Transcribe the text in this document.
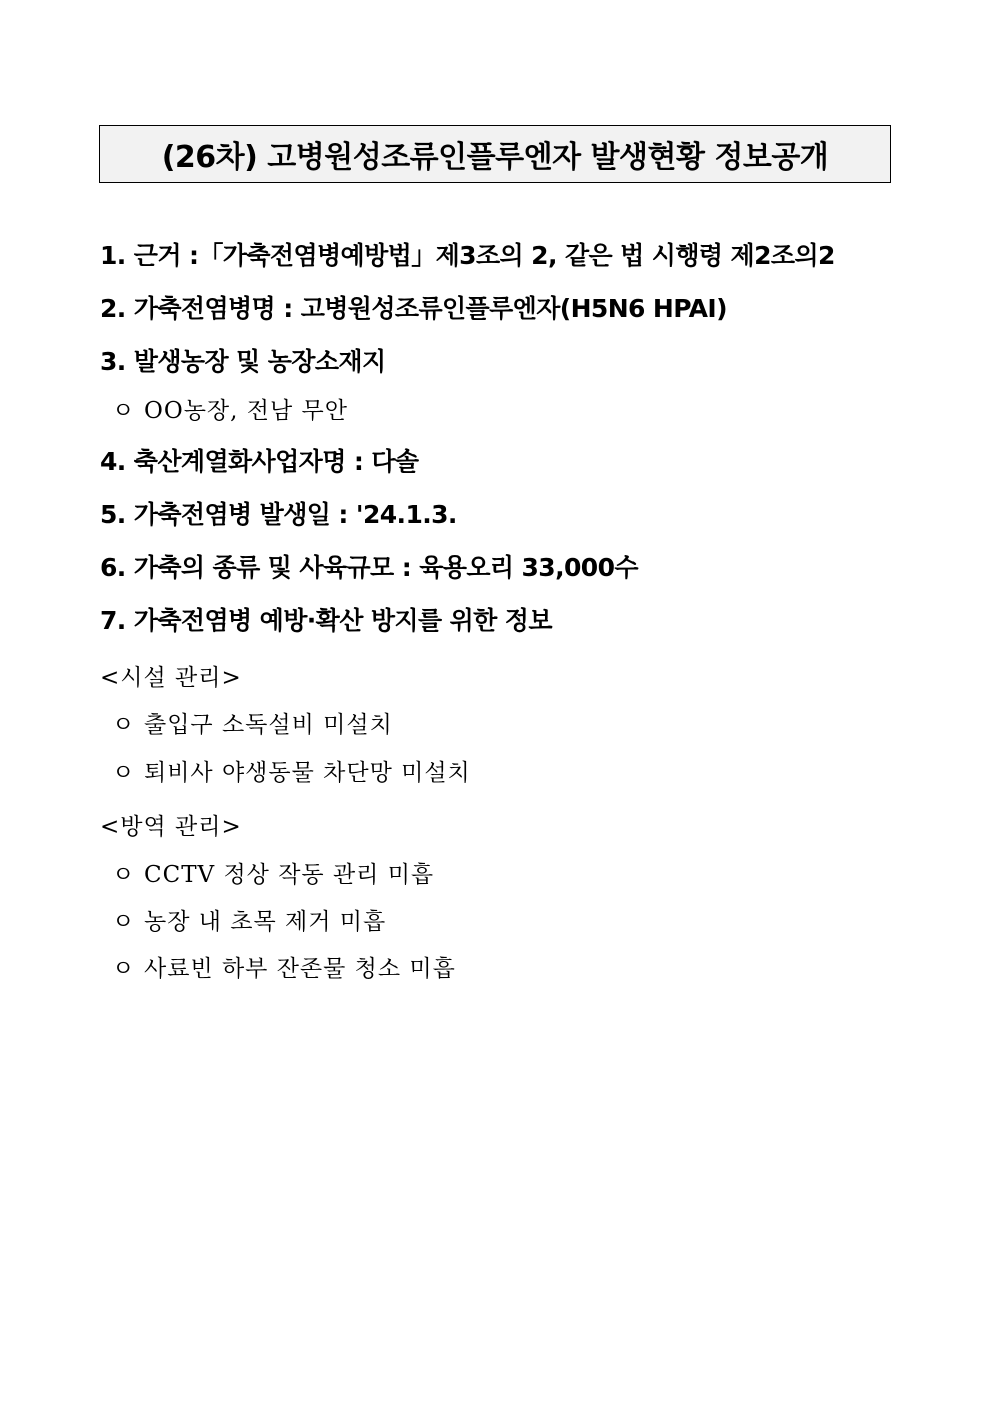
(26차) 고병원성조류인플루엔자 발생현황 정보공개
1. 근거 :「가축전염병예방법」제3조의 2, 같은 법 시행령 제2조의2
2. 가축전염병명 : 고병원성조류인플루엔자(H5N6 HPAI)
3. 발생농장 및 농장소재지
ㅇ OO농장, 전남 무안
4. 축산계열화사업자명 : 다솔
5. 가축전염병 발생일 : '24.1.3.
6. 가축의 종류 및 사육규모 : 육용오리 33,000수
7. 가축전염병 예방·확산 방지를 위한 정보
<시설 관리>
ㅇ 출입구 소독설비 미설치
ㅇ 퇴비사 야생동물 차단망 미설치
<방역 관리>
ㅇ CCTV 정상 작동 관리 미흡
ㅇ 농장 내 초목 제거 미흡
ㅇ 사료빈 하부 잔존물 청소 미흡
